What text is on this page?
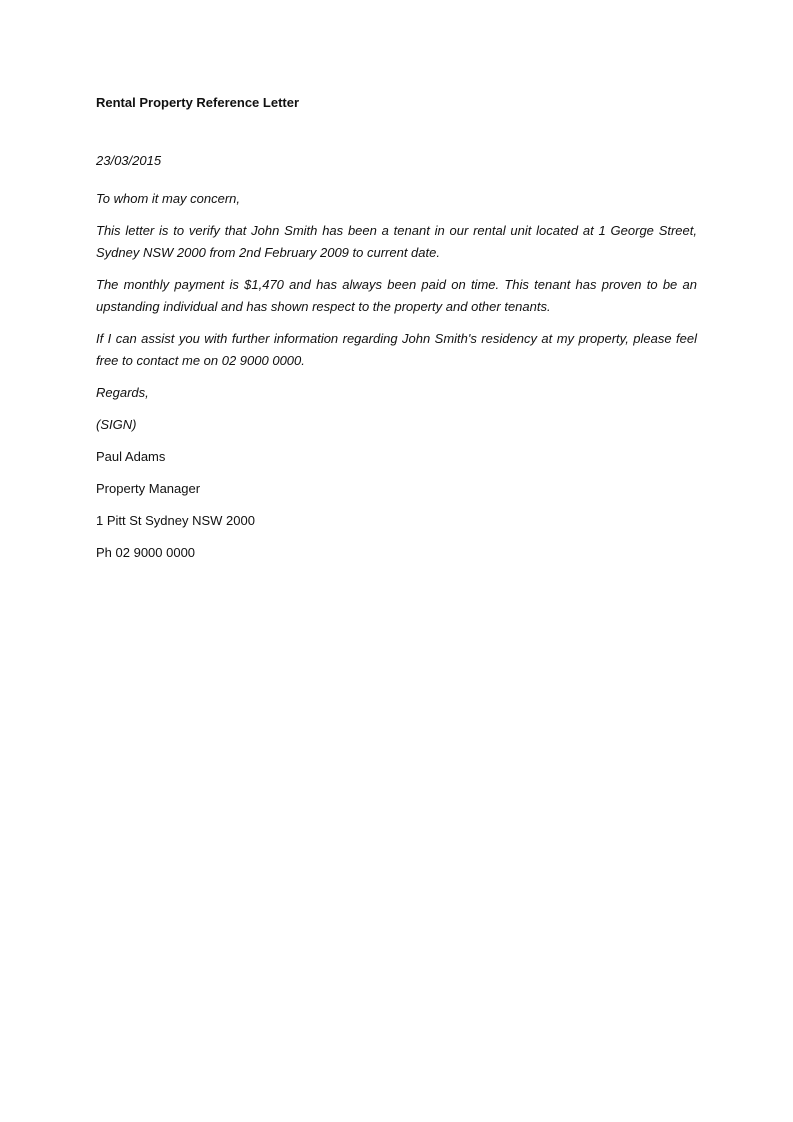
Rental Property Reference Letter
23/03/2015
To whom it may concern,
This letter is to verify that John Smith has been a tenant in our rental unit located at 1 George Street, Sydney NSW 2000 from 2nd February 2009 to current date.
The monthly payment is $1,470 and has always been paid on time. This tenant has proven to be an upstanding individual and has shown respect to the property and other tenants.
If I can assist you with further information regarding John Smith's residency at my property, please feel free to contact me on 02 9000 0000.
Regards,
(SIGN)
Paul Adams
Property Manager
1 Pitt St Sydney NSW 2000
Ph 02 9000 0000
